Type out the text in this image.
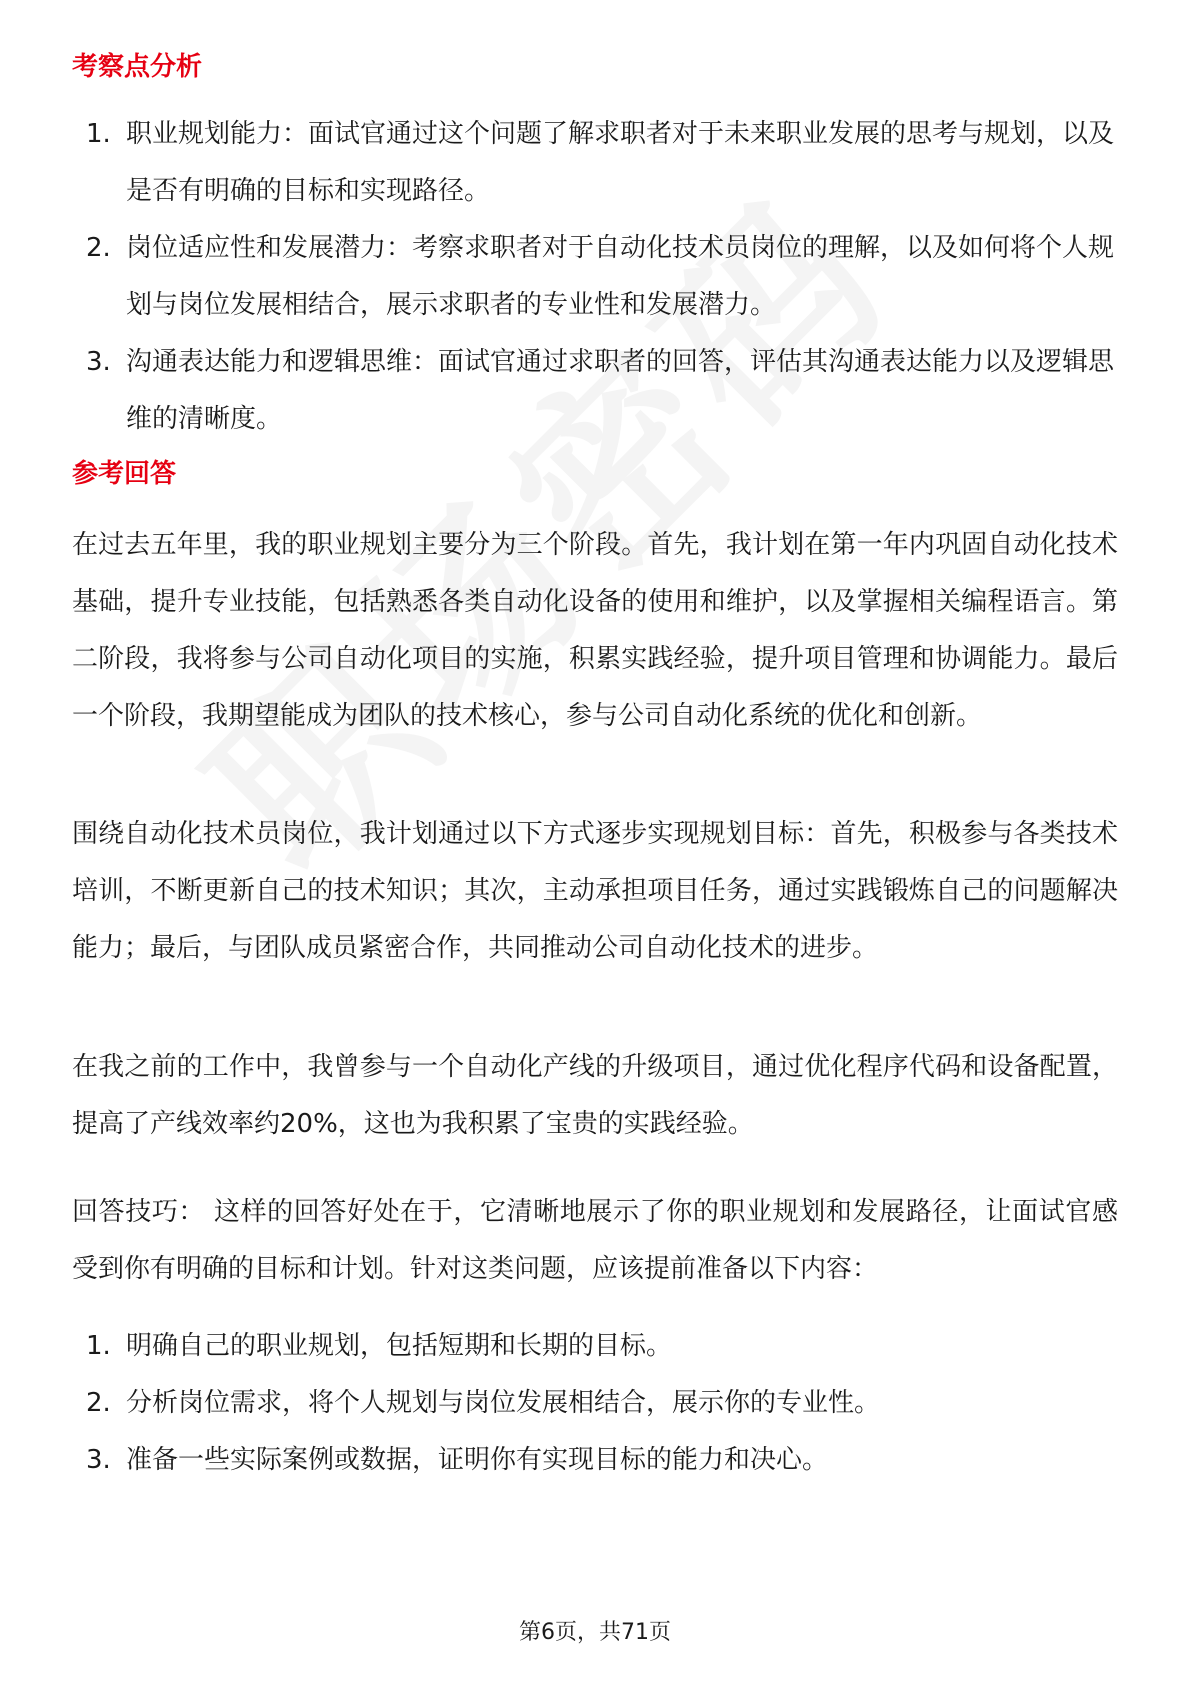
考察点分析
1. 职业规划能力：面试官通过这个问题了解求职者对于未来职业发展的思考与规划，以及是否有明确的目标和实现路径。
2. 岗位适应性和发展潜力：考察求职者对于自动化技术员岗位的理解，以及如何将个人规划与岗位发展相结合，展示求职者的专业性和发展潜力。
3. 沟通表达能力和逻辑思维：面试官通过求职者的回答，评估其沟通表达能力以及逻辑思维的清晰度。
参考回答

在过去五年里，我的职业规划主要分为三个阶段。首先，我计划在第一年内巩固自动化技术基础，提升专业技能，包括熟悉各类自动化设备的使用和维护，以及掌握相关编程语言。第二阶段，我将参与公司自动化项目的实施，积累实践经验，提升项目管理和协调能力。最后一个阶段，我期望能成为团队的技术核心，参与公司自动化系统的优化和创新。

围绕自动化技术员岗位，我计划通过以下方式逐步实现规划目标：首先，积极参与各类技术培训，不断更新自己的技术知识；其次，主动承担项目任务，通过实践锻炼自己的问题解决能力；最后，与团队成员紧密合作，共同推动公司自动化技术的进步。

在我之前的工作中，我曾参与一个自动化产线的升级项目，通过优化程序代码和设备配置，提高了产线效率约20%，这也为我积累了宝贵的实践经验。

回答技巧： 这样的回答好处在于，它清晰地展示了你的职业规划和发展路径，让面试官感受到你有明确的目标和计划。针对这类问题，应该提前准备以下内容：

1. 明确自己的职业规划，包括短期和长期的目标。
2. 分析岗位需求，将个人规划与岗位发展相结合，展示你的专业性。
3. 准备一些实际案例或数据，证明你有实现目标的能力和决心。
第6页，共71页
